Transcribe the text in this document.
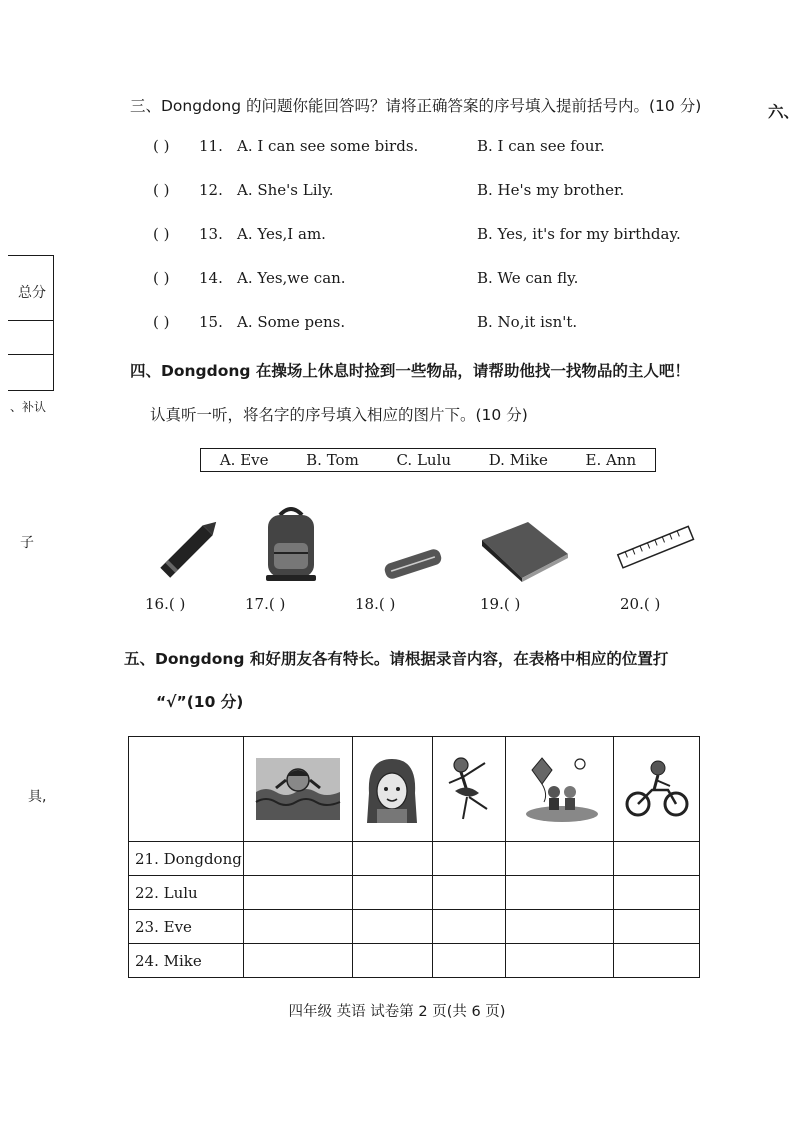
三、Dongdong 的问题你能回答吗？请将正确答案的序号填入提前括号内。(10 分)	六、
( ) 11. A. I can see some birds.	B. I can see four.
( ) 12. A. She's Lily.	B. He's my brother.
( ) 13. A. Yes,I am.	B. Yes, it's for my birthday.
( ) 14. A. Yes,we can.	B. We can fly.
( ) 15. A. Some pens.	B. No,it isn't.
总分
、补认
子
具,
四、Dongdong 在操场上休息时捡到一些物品，请帮助他找一找物品的主人吧！
认真听一听，将名字的序号填入相应的图片下。(10 分)
A. Eve	B. Tom	C. Lulu	D. Mike	E. Ann
16.( )	17.( )	18.( )	19.( )	20.( )
五、Dongdong 和好朋友各有特长。请根据录音内容，在表格中相应的位置打
“√”(10 分)

21. Dongdong					
22. Lulu					
23. Eve					
24. Mike					
四年级 英语 试卷第 2 页(共 6 页)
